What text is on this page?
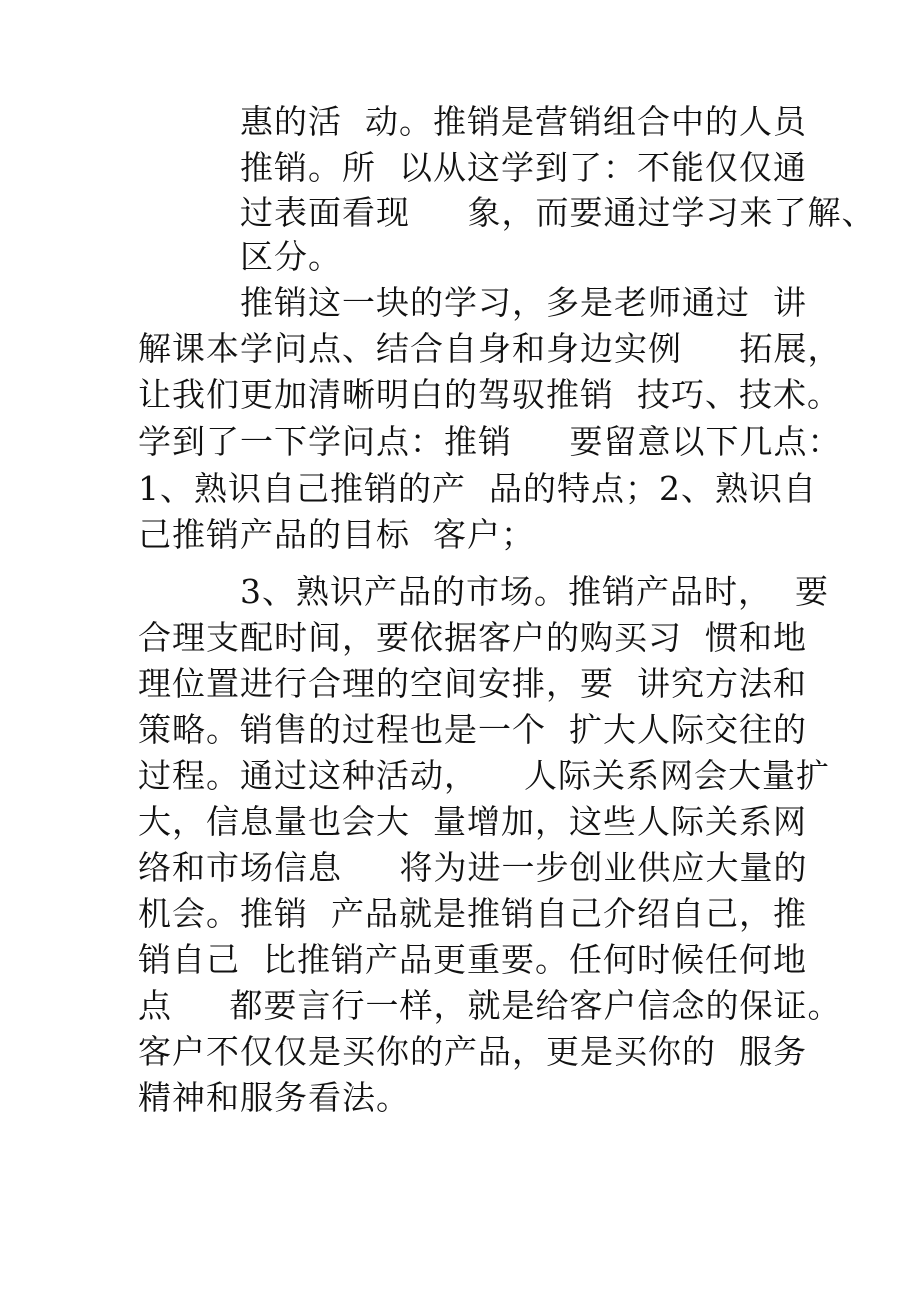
惠的活  动。推销是营销组合中的人员
推销。所  以从这学到了：不能仅仅通
过表面看现     象，而要通过学习来了解、
区分。
推销这一块的学习，多是老师通过  讲
解课本学问点、结合自身和身边实例     拓展，
让我们更加清晰明白的驾驭推销  技巧、技术。
学到了一下学问点：推销     要留意以下几点：
1、熟识自己推销的产  品的特点；2、熟识自
己推销产品的目标  客户；
3、熟识产品的市场。推销产品时，  要
合理支配时间，要依据客户的购买习  惯和地
理位置进行合理的空间安排，要  讲究方法和
策略。销售的过程也是一个  扩大人际交往的
过程。通过这种活动，    人际关系网会大量扩
大，信息量也会大  量增加，这些人际关系网
络和市场信息     将为进一步创业供应大量的
机会。推销  产品就是推销自己介绍自己，推
销自己  比推销产品更重要。任何时候任何地
点     都要言行一样，就是给客户信念的保证。
客户不仅仅是买你的产品，更是买你的  服务
精神和服务看法。
